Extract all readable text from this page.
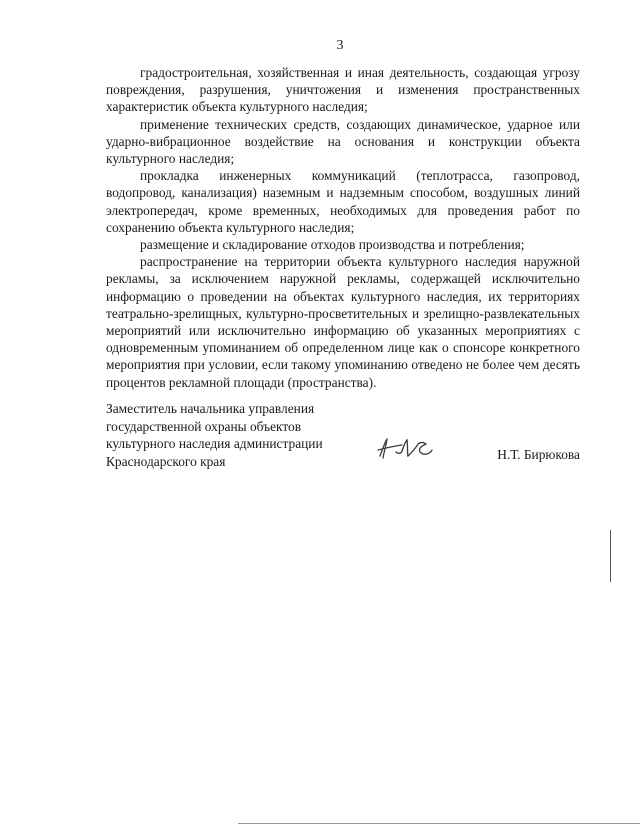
3

градостроительная, хозяйственная и иная деятельность, создающая угрозу повреждения, разрушения, уничтожения и изменения пространственных характеристик объекта культурного наследия;

применение технических средств, создающих динамическое, ударное или ударно-вибрационное воздействие на основания и конструкции объекта культурного наследия;

прокладка инженерных коммуникаций (теплотрасса, газопровод, водопровод, канализация) наземным и надземным способом, воздушных линий электропередач, кроме временных, необходимых для проведения работ по сохранению объекта культурного наследия;

размещение и складирование отходов производства и потребления;

распространение на территории объекта культурного наследия наружной рекламы, за исключением наружной рекламы, содержащей исключительно информацию о проведении на объектах культурного наследия, их территориях театрально-зрелищных, культурно-просветительных и зрелищно-развлекательных мероприятий или исключительно информацию об указанных мероприятиях с одновременным упоминанием об определенном лице как о спонсоре конкретного мероприятия при условии, если такому упоминанию отведено не более чем десять процентов рекламной площади (пространства).

Заместитель начальника управления
государственной охраны объектов
культурного наследия администрации
Краснодарского края	Н.Т. Бирюкова
